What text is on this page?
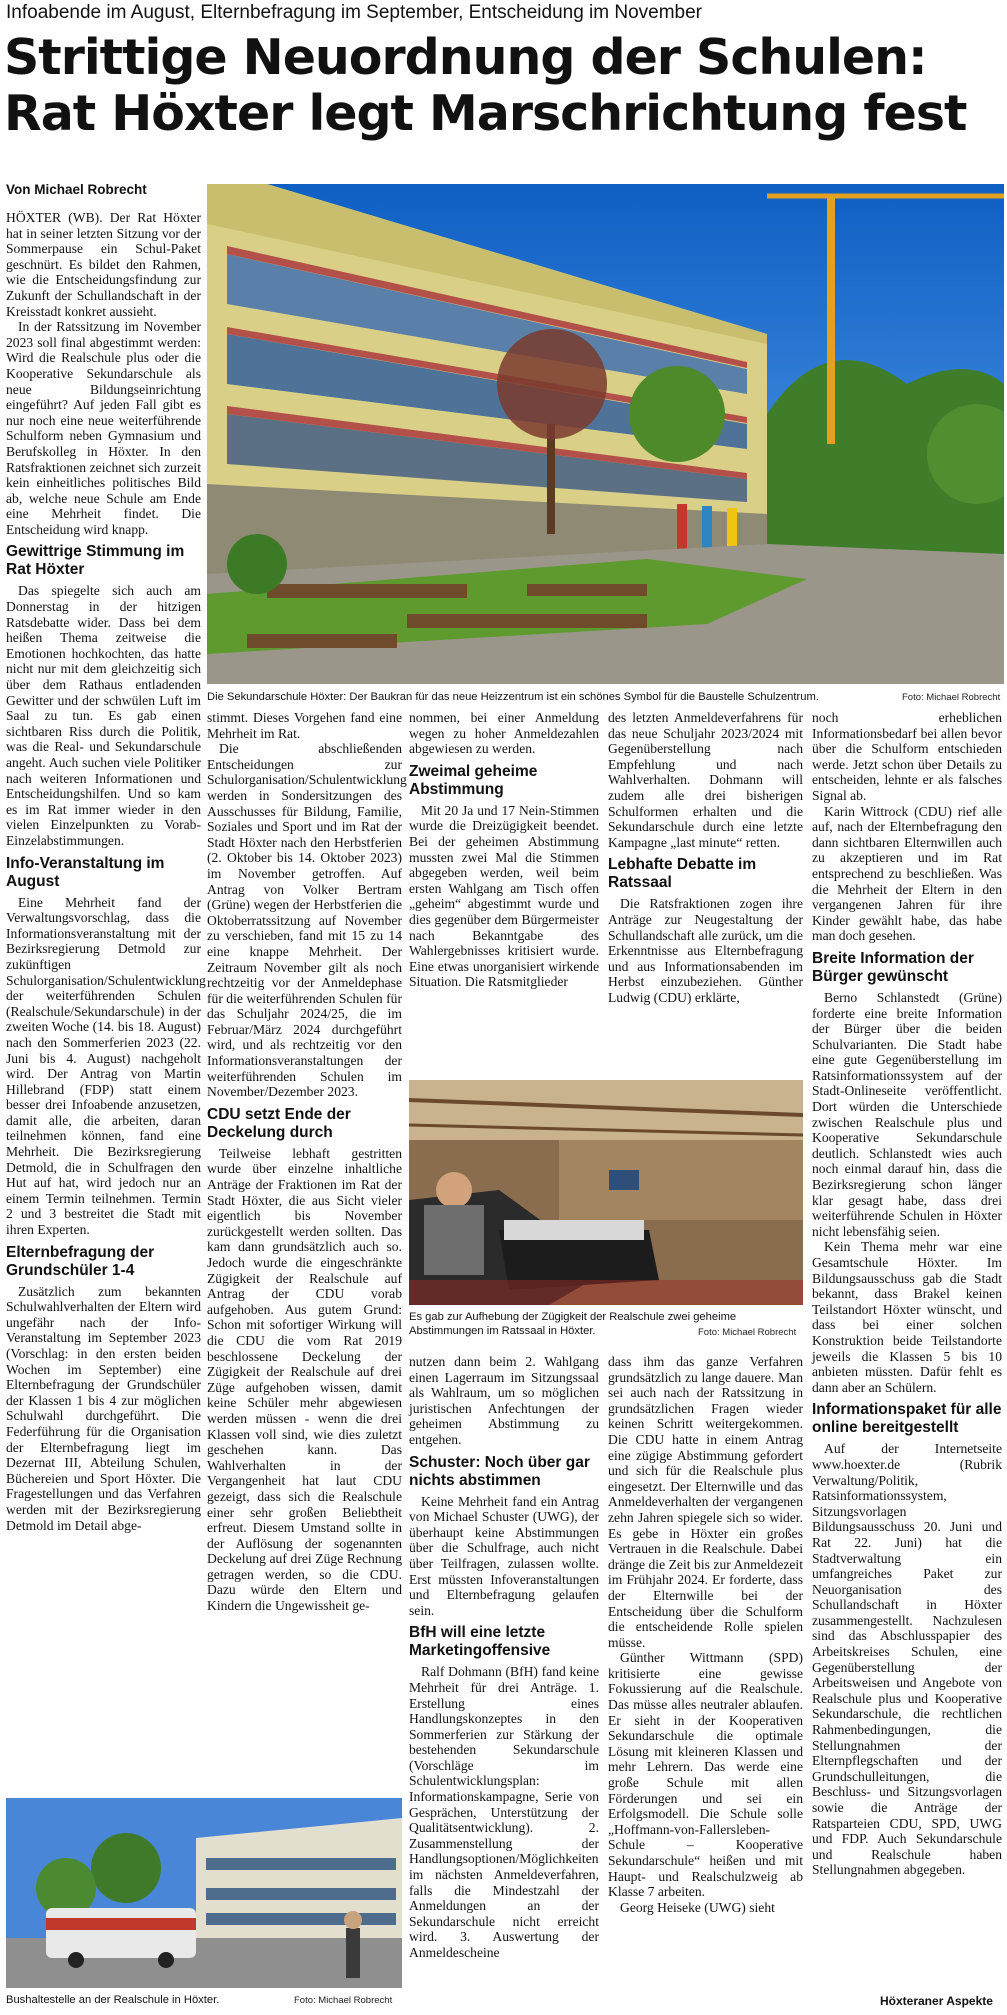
Infoabende im August, Elternbefragung im September, Entscheidung im November
Strittige Neuordnung der Schulen:
Rat Höxter legt Marschrichtung fest
Von Michael Robrecht
Die Sekundarschule Höxter: Der Baukran für das neue Heizzentrum ist ein schönes Symbol für die Baustelle Schulzentrum.	Foto: Michael Robrecht

HÖXTER (WB). Der Rat Höxter hat in seiner letzten Sitzung vor der Sommerpause ein Schul-Paket geschnürt. Es bildet den Rahmen, wie die Entscheidungsfindung zur Zukunft der Schullandschaft in der Kreisstadt konkret aussieht.

In der Ratssitzung im November 2023 soll final abgestimmt werden: Wird die Realschule plus oder die Kooperative Sekundarschule als neue Bildungseinrichtung eingeführt? Auf jeden Fall gibt es nur noch eine neue weiterführende Schulform neben Gymnasium und Berufskolleg in Höxter. In den Ratsfraktionen zeichnet sich zurzeit kein einheitliches politisches Bild ab, welche neue Schule am Ende eine Mehrheit findet. Die Entscheidung wird knapp.

Gewittrige Stimmung im Rat Höxter

Das spiegelte sich auch am Donnerstag in der hitzigen Ratsdebatte wider. Dass bei dem heißen Thema zeitweise die Emotionen hochkochten, das hatte nicht nur mit dem gleichzeitig sich über dem Rathaus entladenden Gewitter und der schwülen Luft im Saal zu tun. Es gab einen sichtbaren Riss durch die Politik, was die Real- und Sekundarschule angeht. Auch suchen viele Politiker nach weiteren Informationen und Entscheidungshilfen. Und so kam es im Rat immer wieder in den vielen Einzelpunkten zu Vorab-Einzelabstimmungen.

Info-Veranstaltung im August

Eine Mehrheit fand der Verwaltungsvorschlag, dass die Informationsveranstaltung mit der Bezirksregierung Detmold zur zukünftigen Schulorganisation/Schulentwicklung der weiterführenden Schulen (Realschule/Sekundarschule) in der zweiten Woche (14. bis 18. August) nach den Sommerferien 2023 (22. Juni bis 4. August) nachgeholt wird. Der Antrag von Martin Hillebrand (FDP) statt einem besser drei Infoabende anzusetzen, damit alle, die arbeiten, daran teilnehmen können, fand eine Mehrheit. Die Bezirksregierung Detmold, die in Schulfragen den Hut auf hat, wird jedoch nur an einem Termin teilnehmen. Termin 2 und 3 bestreitet die Stadt mit ihren Experten.

Elternbefragung der Grundschüler 1-4

Zusätzlich zum bekannten Schulwahlverhalten der Eltern wird ungefähr nach der Info-Veranstaltung im September 2023 (Vorschlag: in den ersten beiden Wochen im September) eine Elternbefragung der Grundschüler der Klassen 1 bis 4 zur möglichen Schulwahl durchgeführt. Die Federführung für die Organisation der Elternbefragung liegt im Dezernat III, Abteilung Schulen, Büchereien und Sport Höxter. Die Fragestellungen und das Verfahren werden mit der Bezirksregierung Detmold im Detail abge-

stimmt. Dieses Vorgehen fand eine Mehrheit im Rat.

Die abschließenden Entscheidungen zur Schulorganisation/Schulentwicklung werden in Sondersitzungen des Ausschusses für Bildung, Familie, Soziales und Sport und im Rat der Stadt Höxter nach den Herbstferien (2. Oktober bis 14. Oktober 2023) im November getroffen. Auf Antrag von Volker Bertram (Grüne) wegen der Herbstferien die Oktoberratssitzung auf November zu verschieben, fand mit 15 zu 14 eine knappe Mehrheit. Der Zeitraum November gilt als noch rechtzeitig vor der Anmeldephase für die weiterführenden Schulen für das Schuljahr 2024/25, die im Februar/März 2024 durchgeführt wird, und als rechtzeitig vor den Informationsveranstaltungen der weiterführenden Schulen im November/Dezember 2023.

CDU setzt Ende der Deckelung durch

Teilweise lebhaft gestritten wurde über einzelne inhaltliche Anträge der Fraktionen im Rat der Stadt Höxter, die aus Sicht vieler eigentlich bis November zurückgestellt werden sollten. Das kam dann grundsätzlich auch so. Jedoch wurde die eingeschränkte Zügigkeit der Realschule auf Antrag der CDU vorab aufgehoben. Aus gutem Grund: Schon mit sofortiger Wirkung will die CDU die vom Rat 2019 beschlossene Deckelung der Zügigkeit der Realschule auf drei Züge aufgehoben wissen, damit keine Schüler mehr abgewiesen werden müssen - wenn die drei Klassen voll sind, wie dies zuletzt geschehen kann. Das Wahlverhalten in der Vergangenheit hat laut CDU gezeigt, dass sich die Realschule einer sehr großen Beliebtheit erfreut. Diesem Umstand sollte in der Auflösung der sogenannten Deckelung auf drei Züge Rechnung getragen werden, so die CDU. Dazu würde den Eltern und Kindern die Ungewissheit ge-

nommen, bei einer Anmeldung wegen zu hoher Anmeldezahlen abgewiesen zu werden.

Zweimal geheime Abstimmung

Mit 20 Ja und 17 Nein-Stimmen wurde die Dreizügigkeit beendet. Bei der geheimen Abstimmung mussten zwei Mal die Stimmen abgegeben werden, weil beim ersten Wahlgang am Tisch offen „geheim“ abgestimmt wurde und dies gegenüber dem Bürgermeister nach Bekanntgabe des Wahlergebnisses kritisiert wurde. Eine etwas unorganisiert wirkende Situation. Die Ratsmitglieder

des letzten Anmeldeverfahrens für das neue Schuljahr 2023/2024 mit Gegenüberstellung nach Empfehlung und nach Wahlverhalten. Dohmann will zudem alle drei bisherigen Schulformen erhalten und die Sekundarschule durch eine letzte Kampagne „last minute“ retten.

Lebhafte Debatte im Ratssaal

Die Ratsfraktionen zogen ihre Anträge zur Neugestaltung der Schullandschaft alle zurück, um die Erkenntnisse aus Elternbefragung und aus Informationsabenden im Herbst einzubeziehen. Günther Ludwig (CDU) erklärte,

Es gab zur Aufhebung der Zügigkeit der Realschule zwei geheime Abstimmungen im Ratssaal in Höxter.	Foto: Michael Robrecht

nutzen dann beim 2. Wahlgang einen Lagerraum im Sitzungssaal als Wahlraum, um so möglichen juristischen Anfechtungen der geheimen Abstimmung zu entgehen.

Schuster: Noch über gar nichts abstimmen

Keine Mehrheit fand ein Antrag von Michael Schuster (UWG), der überhaupt keine Abstimmungen über die Schulfrage, auch nicht über Teilfragen, zulassen wollte. Erst müssten Infoveranstaltungen und Elternbefragung gelaufen sein.

BfH will eine letzte Marketingoffensive

Ralf Dohmann (BfH) fand keine Mehrheit für drei Anträge. 1. Erstellung eines Handlungskonzeptes in den Sommerferien zur Stärkung der bestehenden Sekundarschule (Vorschläge im Schulentwicklungsplan: Informationskampagne, Serie von Gesprächen, Unterstützung der Qualitätsentwicklung). 2. Zusammenstellung der Handlungsoptionen/Möglichkeiten im nächsten Anmeldeverfahren, falls die Mindestzahl der Anmeldungen an der Sekundarschule nicht erreicht wird. 3. Auswertung der Anmeldescheine

dass ihm das ganze Verfahren grundsätzlich zu lange dauere. Man sei auch nach der Ratssitzung in grundsätzlichen Fragen wieder keinen Schritt weitergekommen. Die CDU hatte in einem Antrag eine zügige Abstimmung gefordert und sich für die Realschule plus eingesetzt. Der Elternwille und das Anmeldeverhalten der vergangenen zehn Jahren spiegele sich so wider. Es gebe in Höxter ein großes Vertrauen in die Realschule. Dabei dränge die Zeit bis zur Anmeldezeit im Frühjahr 2024. Er forderte, dass der Elternwille bei der Entscheidung über die Schulform die entscheidende Rolle spielen müsse.

Günther Wittmann (SPD) kritisierte eine gewisse Fokussierung auf die Realschule. Das müsse alles neutraler ablaufen. Er sieht in der Kooperativen Sekundarschule die optimale Lösung mit kleineren Klassen und mehr Lehrern. Das werde eine große Schule mit allen Förderungen und sei ein Erfolgsmodell. Die Schule solle „Hoffmann-von-Fallersleben-Schule – Kooperative Sekundarschule“ heißen und mit Haupt- und Realschulzweig ab Klasse 7 arbeiten.

Georg Heiseke (UWG) sieht

noch erheblichen Informationsbedarf bei allen bevor über die Schulform entschieden werde. Jetzt schon über Details zu entscheiden, lehnte er als falsches Signal ab.

Karin Wittrock (CDU) rief alle auf, nach der Elternbefragung den dann sichtbaren Elternwillen auch zu akzeptieren und im Rat entsprechend zu beschließen. Was die Mehrheit der Eltern in den vergangenen Jahren für ihre Kinder gewählt habe, das habe man doch gesehen.

Breite Information der Bürger gewünscht

Berno Schlanstedt (Grüne) forderte eine breite Information der Bürger über die beiden Schulvarianten. Die Stadt habe eine gute Gegenüberstellung im Ratsinformationssystem auf der Stadt-Onlineseite veröffentlicht. Dort würden die Unterschiede zwischen Realschule plus und Kooperative Sekundarschule deutlich. Schlanstedt wies auch noch einmal darauf hin, dass die Bezirksregierung schon länger klar gesagt habe, dass drei weiterführende Schulen in Höxter nicht lebensfähig seien.

Kein Thema mehr war eine Gesamtschule Höxter. Im Bildungsausschuss gab die Stadt bekannt, dass Brakel keinen Teilstandort Höxter wünscht, und dass bei einer solchen Konstruktion beide Teilstandorte jeweils die Klassen 5 bis 10 anbieten müssten. Dafür fehlt es dann aber an Schülern.

Informationspaket für alle online bereitgestellt

Auf der Internetseite www.hoexter.de (Rubrik Verwaltung/Politik, Ratsinformationssystem, Sitzungsvorlagen Bildungsausschuss 20. Juni und Rat 22. Juni) hat die Stadtverwaltung ein umfangreiches Paket zur Neuorganisation des Schullandschaft in Höxter zusammengestellt. Nachzulesen sind das Abschlusspapier des Arbeitskreises Schulen, eine Gegenüberstellung der Arbeitsweisen und Angebote von Realschule plus und Kooperative Sekundarschule, die rechtlichen Rahmenbedingungen, die Stellungnahmen der Elternpflegschaften und der Grundschulleitungen, die Beschluss- und Sitzungsvorlagen sowie die Anträge der Ratsparteien CDU, SPD, UWG und FDP. Auch Sekundarschule und Realschule haben Stellungnahmen abgegeben.

Bushaltestelle an der Realschule in Höxter.	Foto: Michael Robrecht	Höxteraner Aspekte
